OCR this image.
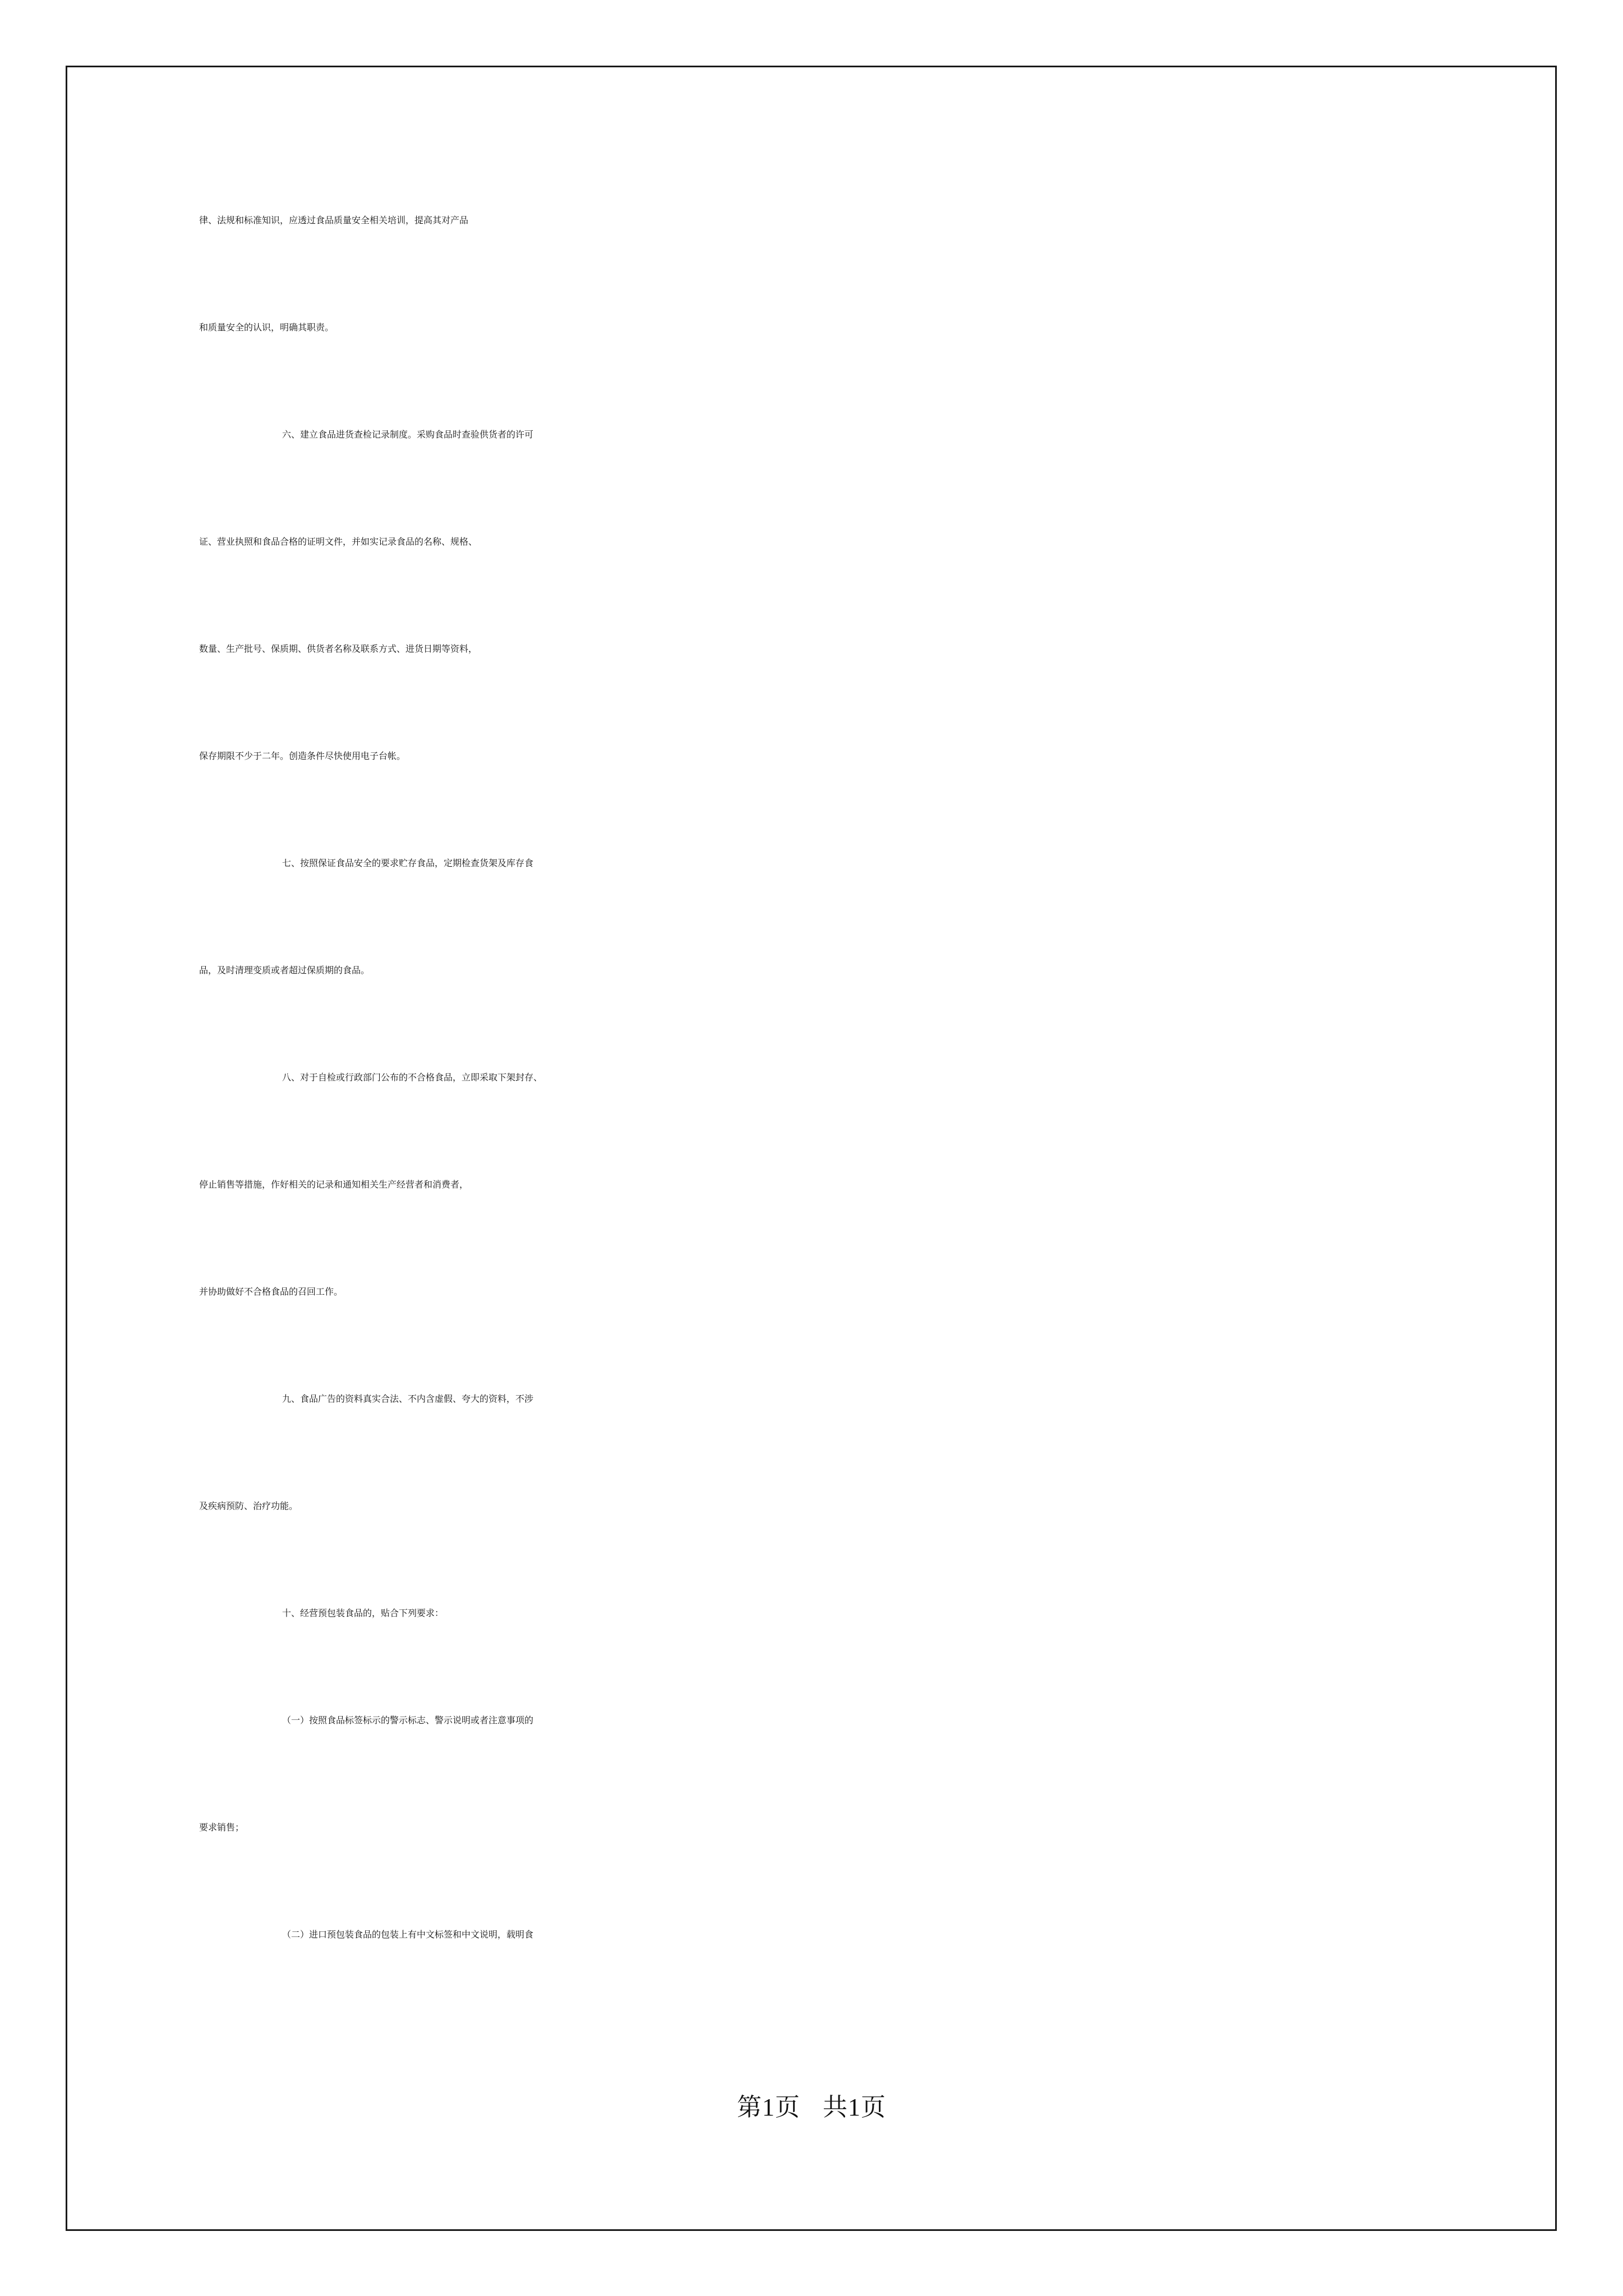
律、法规和标准知识，应透过食品质量安全相关培训，提高其对产品
和质量安全的认识，明确其职责。
六、建立食品进货查检记录制度。采购食品时查验供货者的许可
证、营业执照和食品合格的证明文件，并如实记录食品的名称、规格、
数量、生产批号、保质期、供货者名称及联系方式、进货日期等资料，
保存期限不少于二年。创造条件尽快使用电子台帐。
七、按照保证食品安全的要求贮存食品，定期检查货架及库存食
品，及时清理变质或者超过保质期的食品。
八、对于自检或行政部门公布的不合格食品，立即采取下架封存、
停止销售等措施，作好相关的记录和通知相关生产经营者和消费者，
并协助做好不合格食品的召回工作。
九、食品广告的资料真实合法、不内含虚假、夸大的资料，不涉
及疾病预防、治疗功能。
十、经营预包装食品的，贴合下列要求：
（一）按照食品标签标示的警示标志、警示说明或者注意事项的
要求销售；
（二）进口预包装食品的包装上有中文标签和中文说明，载明食
第1页 共1页
